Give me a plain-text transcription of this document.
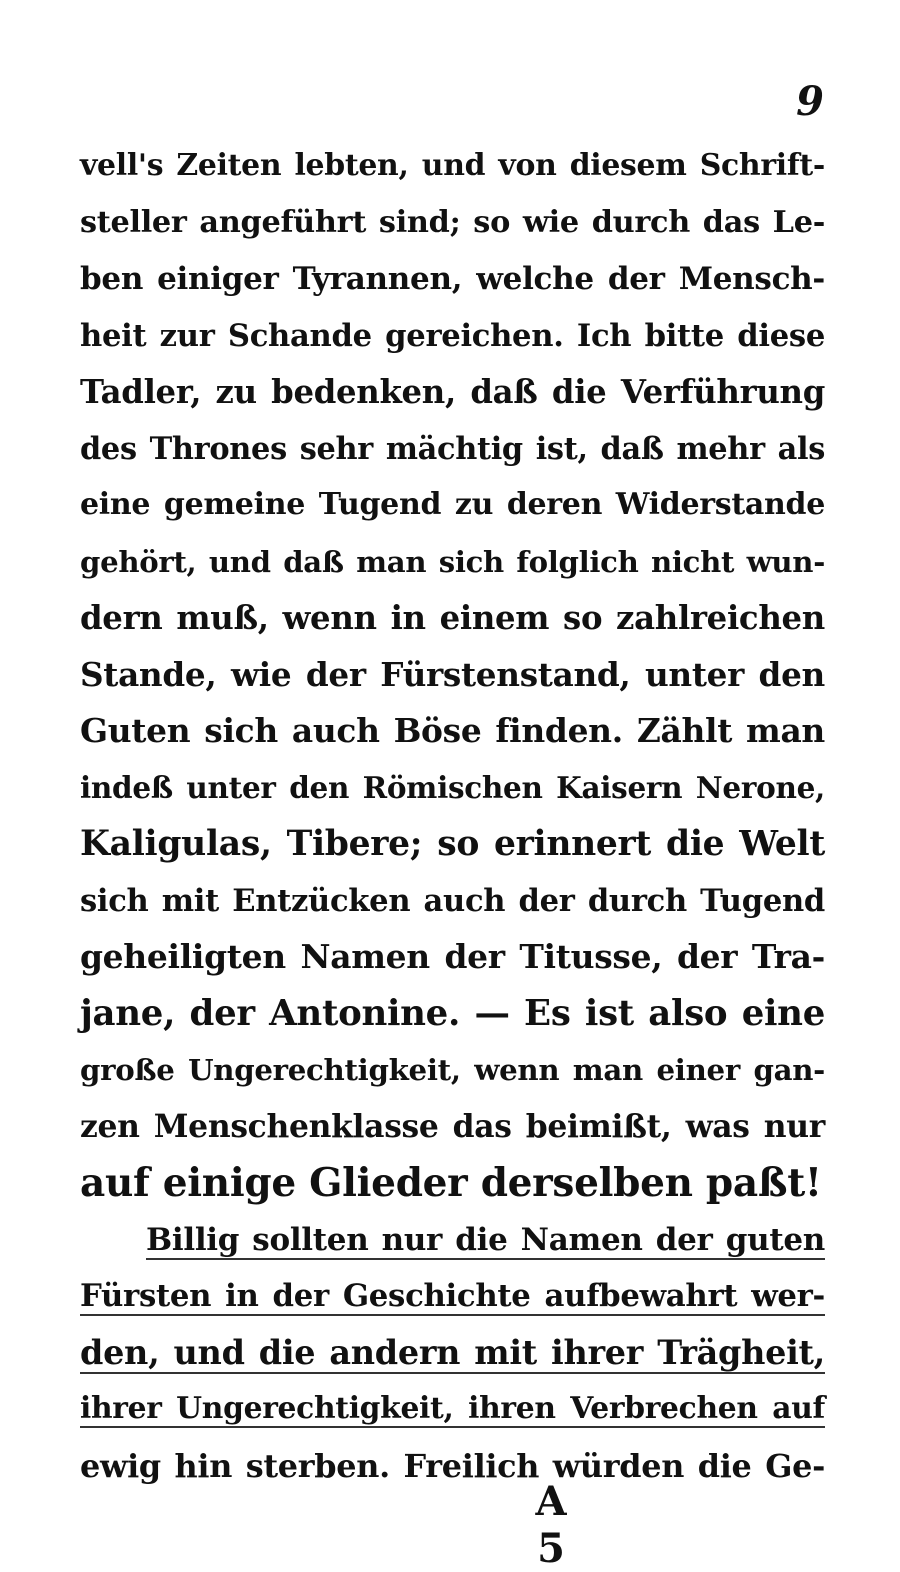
9
vell's Zeiten lebten, und von diesem Schrift-
steller angeführt sind; so wie durch das Le-
ben einiger Tyrannen, welche der Mensch-
heit zur Schande gereichen. Ich bitte diese
Tadler, zu bedenken, daß die Verführung
des Thrones sehr mächtig ist, daß mehr als
eine gemeine Tugend zu deren Widerstande
gehört, und daß man sich folglich nicht wun-
dern muß, wenn in einem so zahlreichen
Stande, wie der Fürstenstand, unter den
Guten sich auch Böse finden. Zählt man
indeß unter den Römischen Kaisern Nerone,
Kaligulas, Tibere; so erinnert die Welt
sich mit Entzücken auch der durch Tugend
geheiligten Namen der Titusse, der Tra-
jane, der Antonine. — Es ist also eine
große Ungerechtigkeit, wenn man einer gan-
zen Menschenklasse das beimißt, was nur
auf einige Glieder derselben paßt!
Billig sollten nur die Namen der guten
Fürsten in der Geschichte aufbewahrt wer-
den, und die andern mit ihrer Trägheit,
ihrer Ungerechtigkeit, ihren Verbrechen auf
ewig hin sterben. Freilich würden die Ge-
A 5
